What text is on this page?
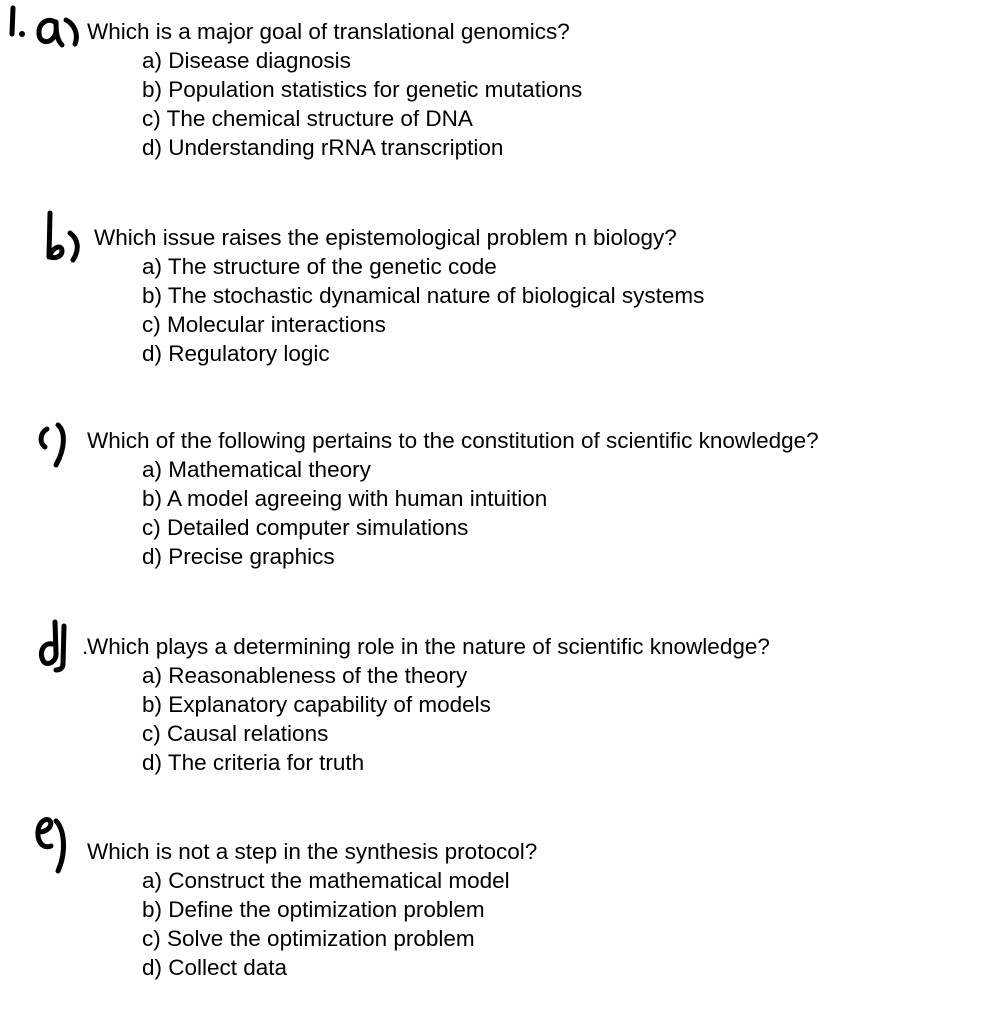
Which is a major goal of translational genomics?
a) Disease diagnosis
b) Population statistics for genetic mutations
c) The chemical structure of DNA
d) Understanding rRNA transcription
Which issue raises the epistemological problem n biology?
a) The structure of the genetic code
b) The stochastic dynamical nature of biological systems
c) Molecular interactions
d) Regulatory logic
Which of the following pertains to the constitution of scientific knowledge?
a) Mathematical theory
b) A model agreeing with human intuition
c) Detailed computer simulations
d) Precise graphics
.
Which plays a determining role in the nature of scientific knowledge?
a) Reasonableness of the theory
b) Explanatory capability of models
c) Causal relations
d) The criteria for truth
Which is not a step in the synthesis protocol?
a) Construct the mathematical model
b) Define the optimization problem
c) Solve the optimization problem
d) Collect data
